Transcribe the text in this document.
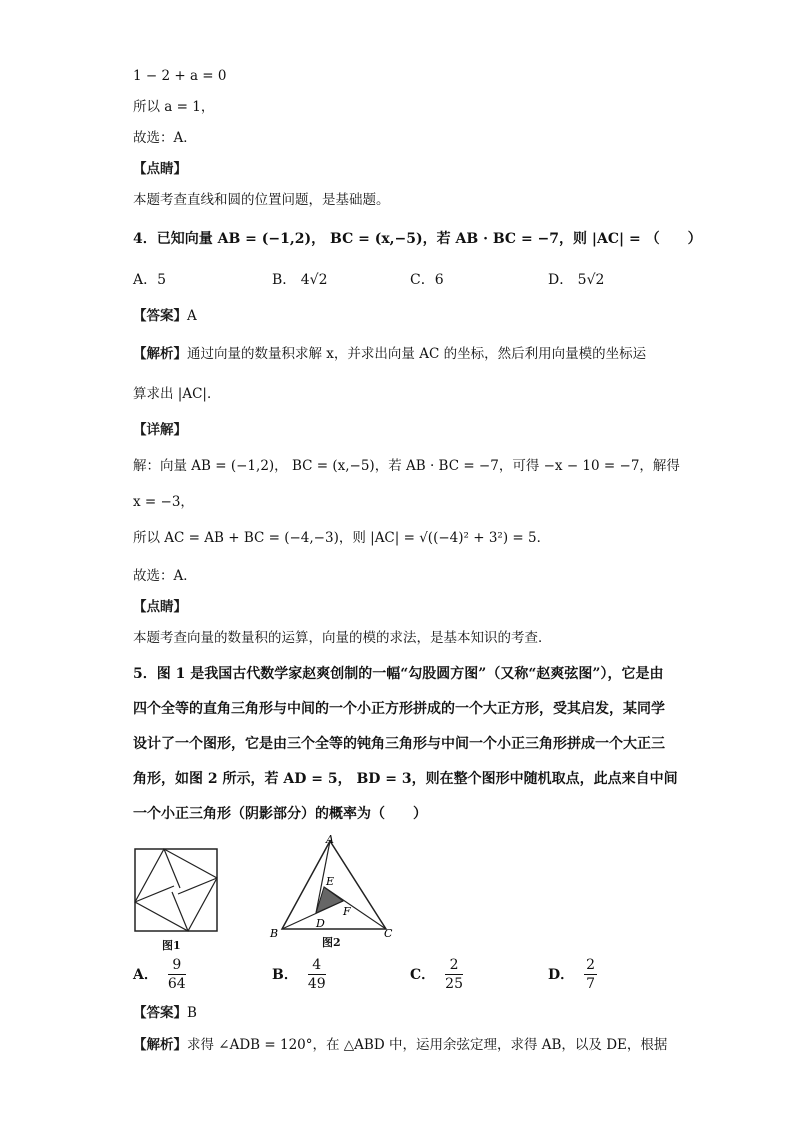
1 − 2 + a = 0
所以 a = 1，
故选：A．
【点睛】
本题考查直线和圆的位置问题，是基础题。
4．已知向量 AB = (−1,2)， BC = (x,−5)，若 AB · BC = −7，则 |AC| = （　　）
A．5	B． 4√2	C．6	D． 5√2
【答案】A
【解析】通过向量的数量积求解 x，并求出向量 AC 的坐标，然后利用向量模的坐标运
算求出 |AC|．
【详解】
解：向量 AB = (−1,2)， BC = (x,−5)，若 AB · BC = −7，可得 −x − 10 = −7，解得
x = −3，
所以 AC = AB + BC = (−4,−3)，则 |AC| = √((−4)² + 3²) = 5．
故选：A．
【点睛】
本题考查向量的数量积的运算，向量的模的求法，是基本知识的考查．
5．图 1 是我国古代数学家赵爽创制的一幅“勾股圆方图”（又称“赵爽弦图”），它是由
四个全等的直角三角形与中间的一个小正方形拼成的一个大正方形，受其启发，某同学
设计了一个图形，它是由三个全等的钝角三角形与中间一个小正三角形拼成一个大正三
角形，如图 2 所示，若 AD = 5， BD = 3，则在整个图形中随机取点，此点来自中间
一个小正三角形（阴影部分）的概率为（　　）
图1
A
B	C
D
E
F
图2
A． $\frac{9}{64}$	B． $\frac{4}{49}$	C． $\frac{2}{25}$	D． $\frac{2}{7}$
【答案】B
【解析】求得 ∠ADB = 120°，在 △ABD 中，运用余弦定理，求得 AB，以及 DE，根据
